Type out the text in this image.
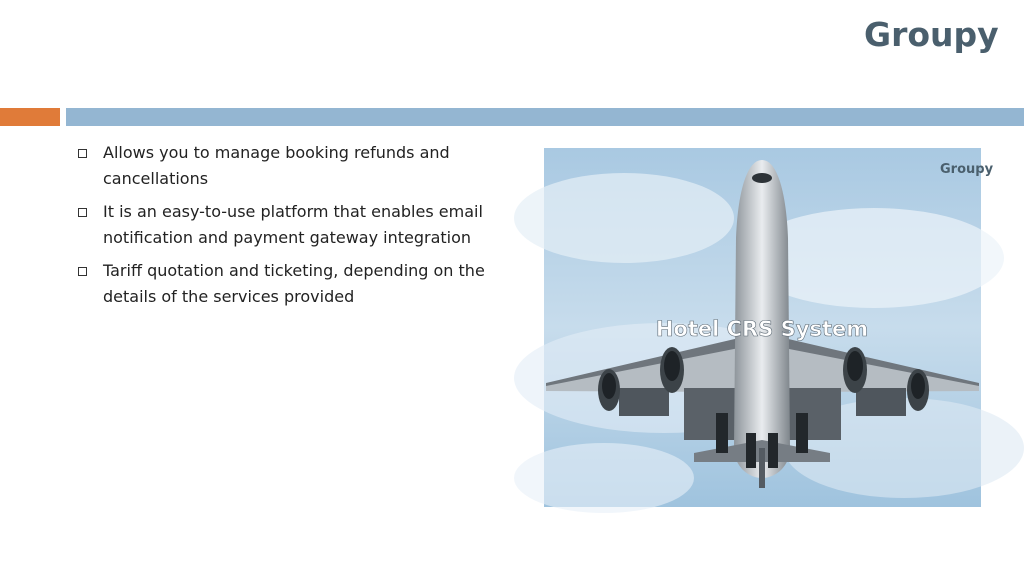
Groupy
Allows you to manage booking refunds and cancellations
It is an easy-to-use platform that enables email notification and payment gateway integration
Tariff quotation and ticketing, depending on the details of the services provided
Hotel CRS System
Groupy
